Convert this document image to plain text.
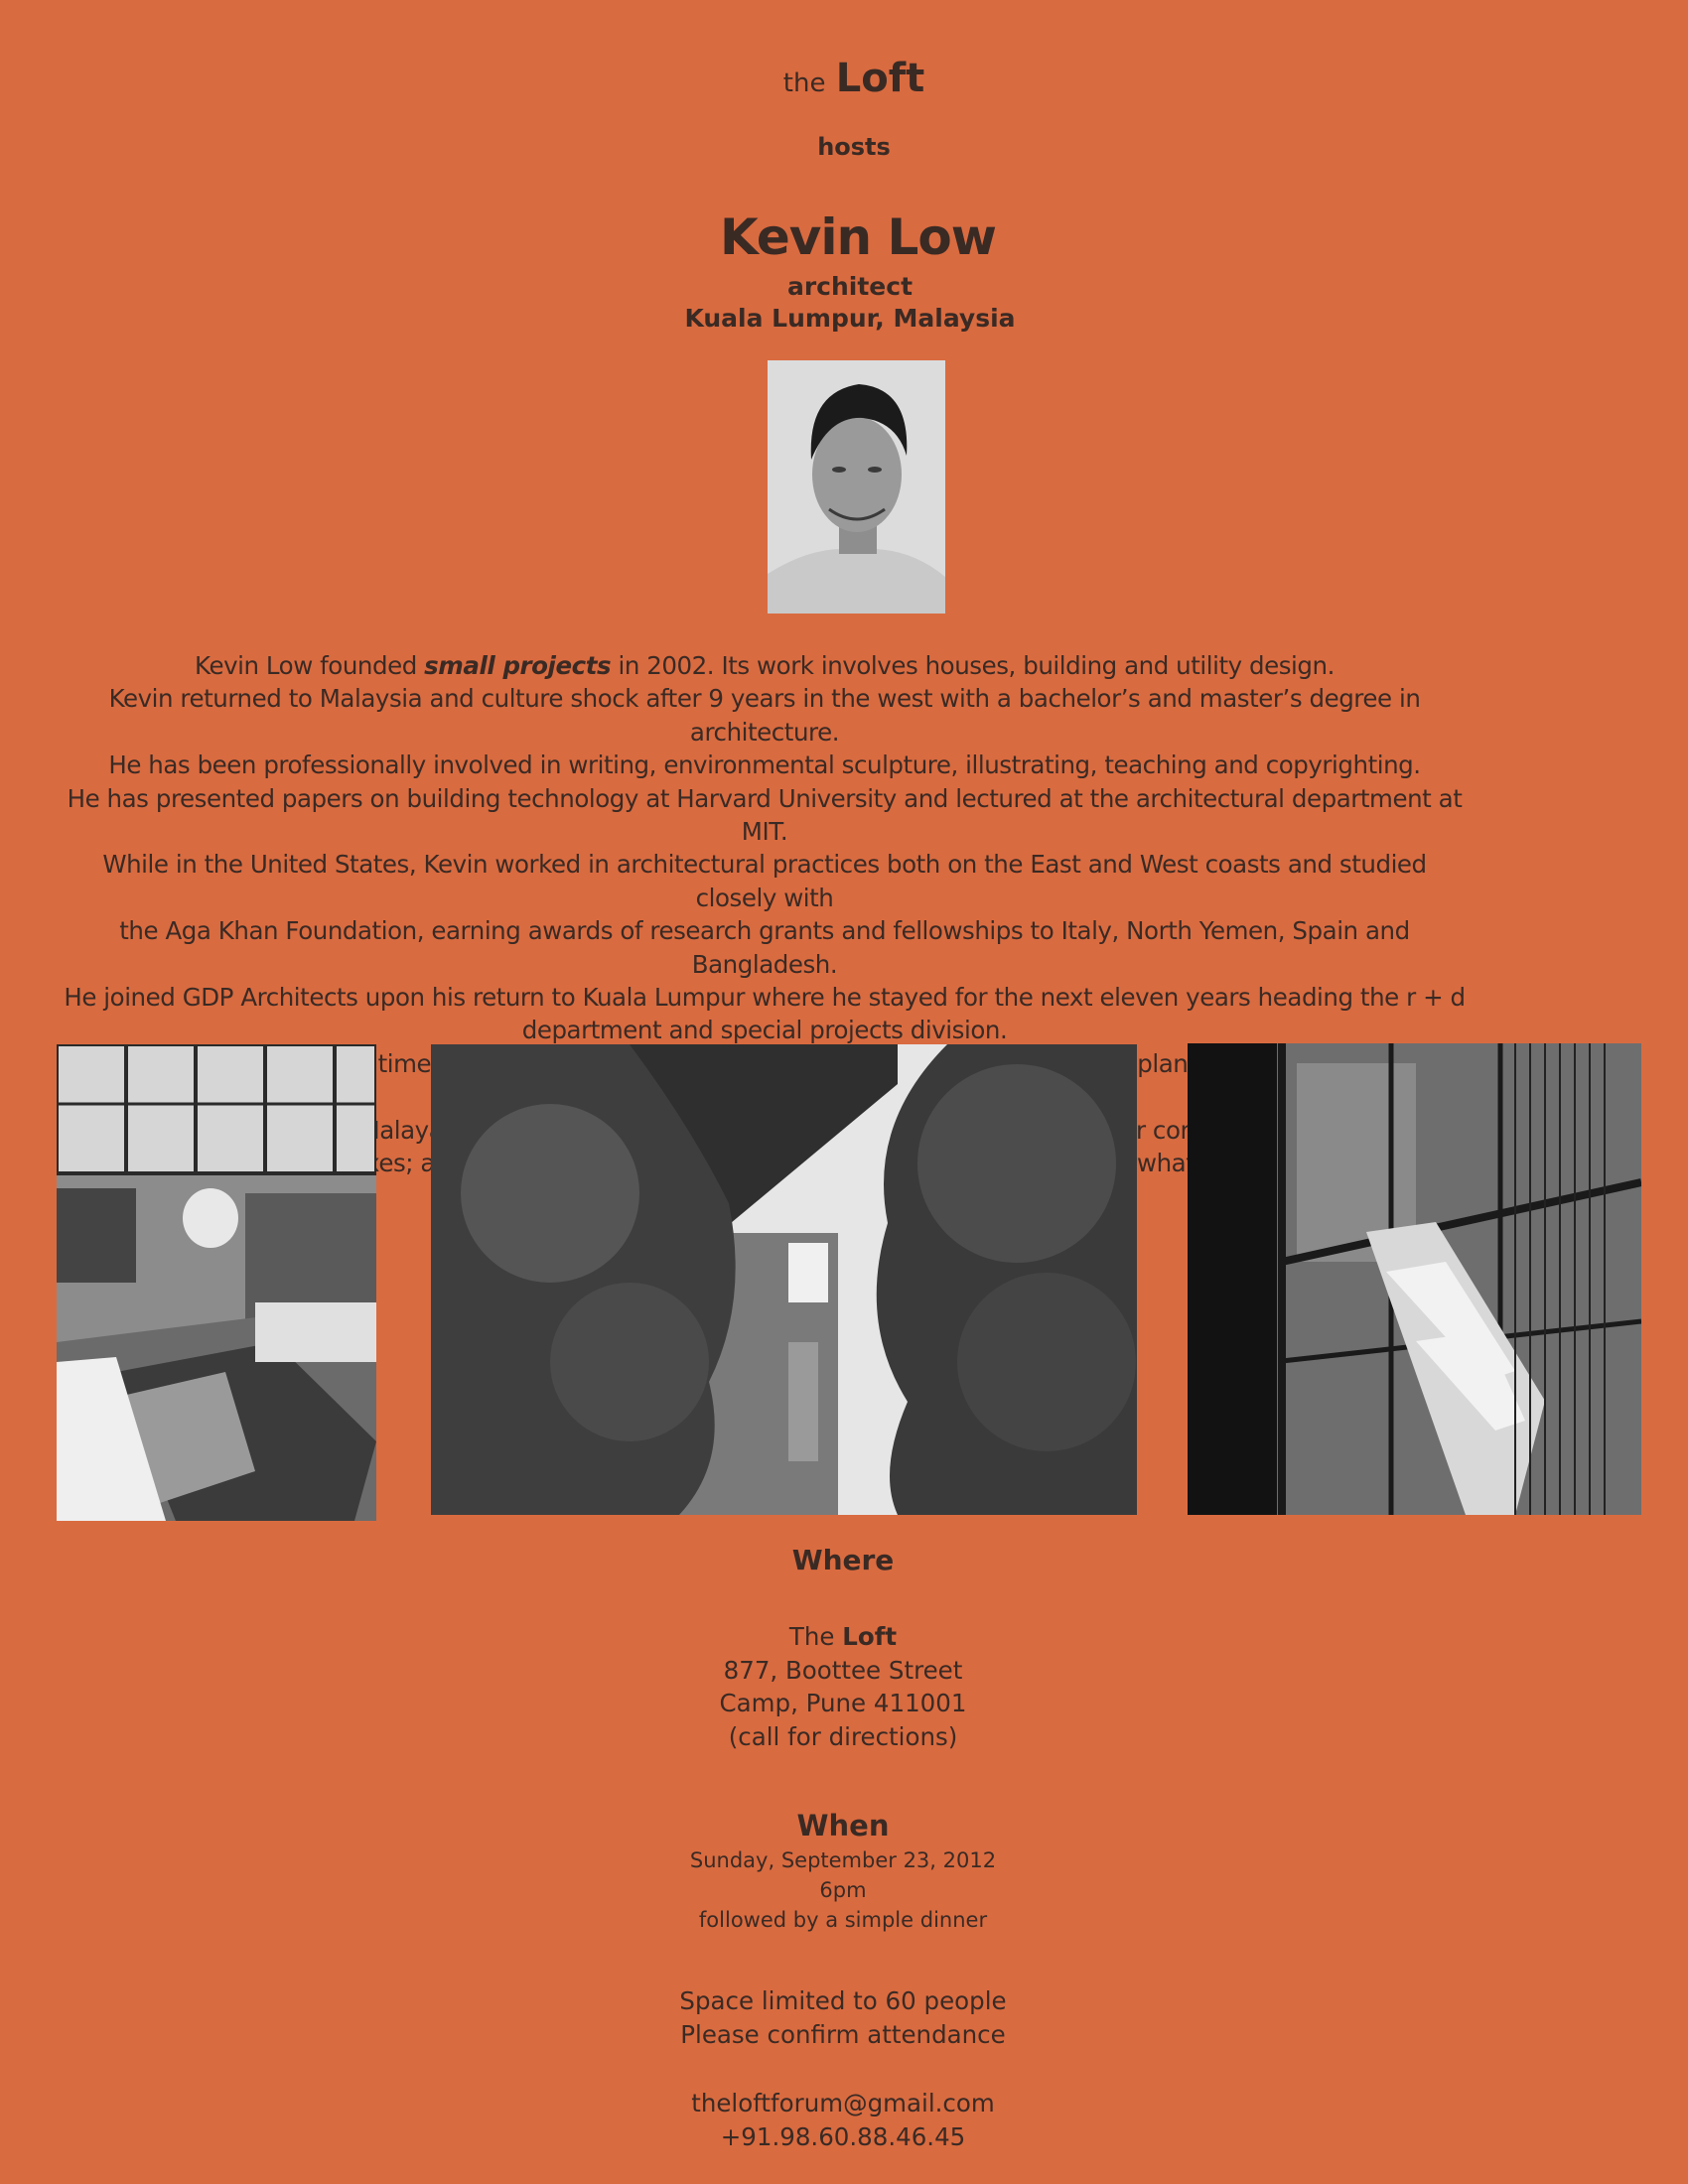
the Loft
hosts
Kevin Low
architect
Kuala Lumpur, Malaysia

Kevin Low founded small projects in 2002. Its work involves houses, building and utility design.

Kevin returned to Malaysia and culture shock after 9 years in the west with a bachelor’s and master’s degree in architecture.

He has been professionally involved in writing, environmental sculpture, illustrating, teaching and copyrighting.

He has presented papers on building technology at Harvard University and lectured at the architectural department at MIT.

While in the United States, Kevin worked in architectural practices both on the East and West coasts and studied closely with

the Aga Khan Foundation, earning awards of research grants and fellowships to Italy, North Yemen, Spain and Bangladesh.

He joined GDP Architects upon his return to Kuala Lumpur where he stayed for the next eleven years heading the r + d

department and special projects division.

time plans,

Malaya,

what

Where

The Loft

877, Boottee Street

Camp, Pune 411001

(call for directions)

When

Sunday, September 23, 2012

6pm

followed by a simple dinner

Space limited to 60 people

Please confirm attendance

theloftforum@gmail.com

+91.98.60.88.46.45
